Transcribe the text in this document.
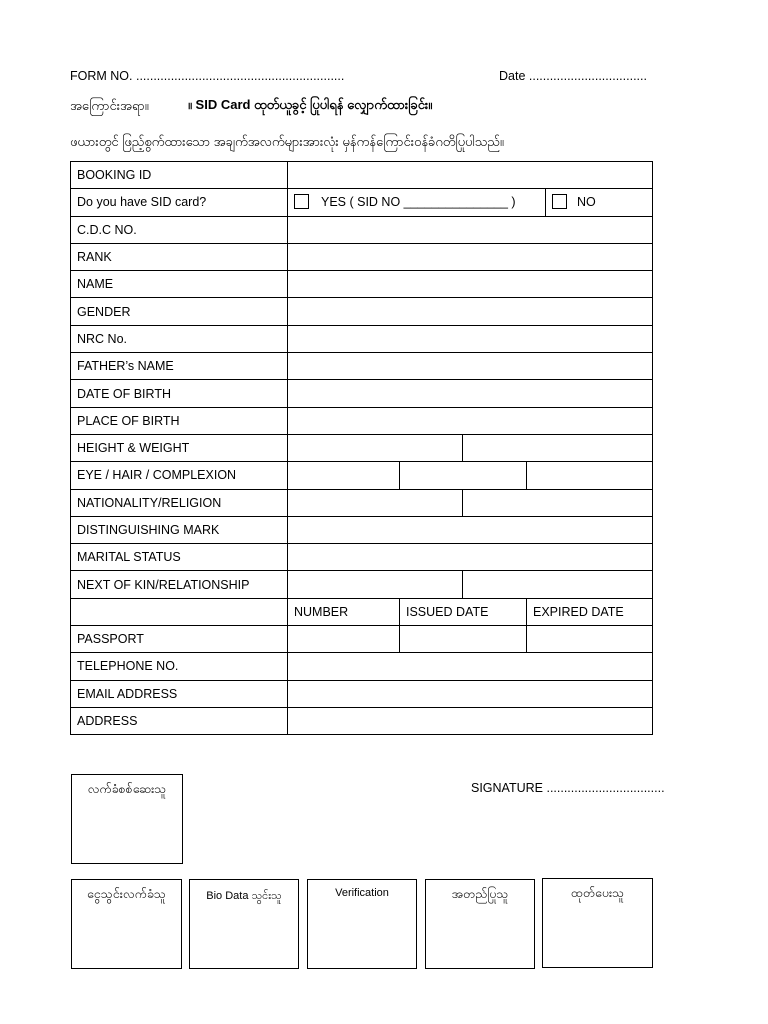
FORM NO. ............................................................	Date ..................................
အကြောင်းအရာ။	။ SID Card ထုတ်ယူခွင့် ပြုပါရန် လျှောက်ထားခြင်း။
ဖယားတွင် ဖြည့်စွက်ထားသော အချက်အလက်များအားလုံး မှန်ကန်ကြောင်းဝန်ခံဂတိပြုပါသည်။
BOOKING ID					
Do you have SID card?	YES ( SID NO _______________ )				NO
C.D.C NO.					
RANK					
NAME					
GENDER					
NRC No.					
FATHER’s NAME					
DATE OF BIRTH					
PLACE OF BIRTH					
HEIGHT & WEIGHT					
EYE / HAIR / COMPLEXION					
NATIONALITY/RELIGION					
DISTINGUISHING MARK					
MARITAL STATUS					
NEXT OF KIN/RELATIONSHIP					
	NUMBER	ISSUED DATE		EXPIRED DATE	
PASSPORT					
TELEPHONE NO.					
EMAIL ADDRESS					
ADDRESS					
လက်ခံစစ်ဆေးသူ	SIGNATURE ..................................
ငွေသွင်းလက်ခံသူ	Bio Data သွင်းသူ	Verification	အတည်ပြုသူ	ထုတ်ပေးသူ
